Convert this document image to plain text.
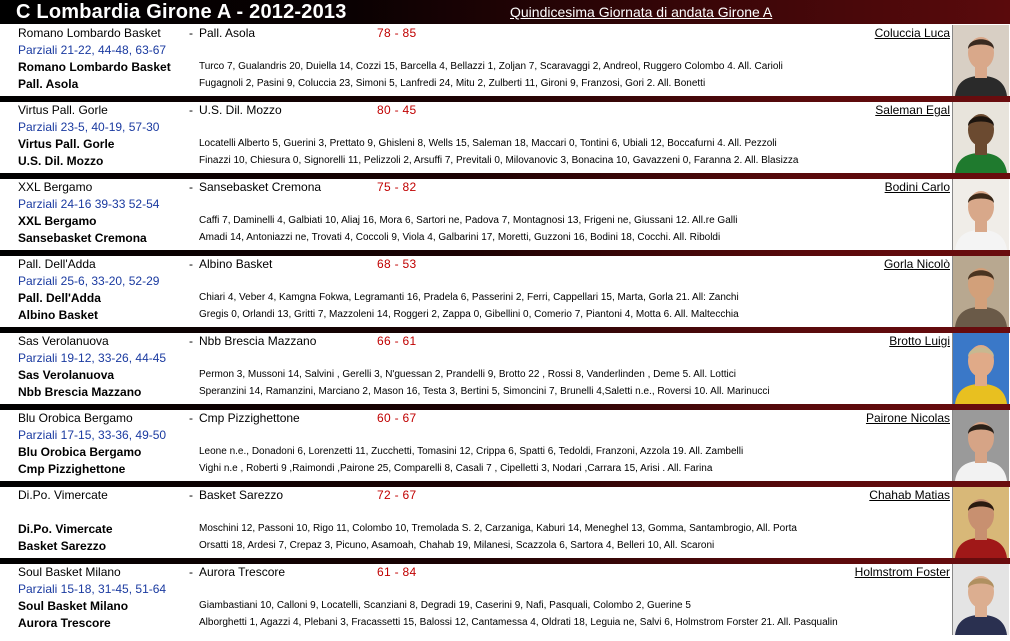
C Lombardia Girone A - 2012-2013	Quindicesima Giornata di andata Girone A
Romano Lombardo Basket - Pall. Asola	78 - 85	Coluccia Luca
Parziali 21-22, 44-48, 63-67
Romano Lombardo Basket	Turco 7, Gualandris 20, Duiella 14, Cozzi 15, Barcella 4, Bellazzi 1, Zoljan 7, Scaravaggi 2, Andreol, Ruggero Colombo 4. All. Carioli
Pall. Asola	Fugagnoli 2, Pasini 9, Coluccia 23, Simoni 5, Lanfredi 24, Mitu 2, Zulberti 11, Gironi 9, Franzosi, Gori 2. All. Bonetti
Virtus Pall. Gorle	- U.S. Dil. Mozzo	80 - 45	Saleman Egal
Parziali 23-5, 40-19, 57-30
Virtus Pall. Gorle	Locatelli Alberto 5, Guerini 3, Prettato 9, Ghisleni 8, Wells 15, Saleman 18, Maccari 0, Tontini 6, Ubiali 12, Boccafurni 4. All. Pezzoli
U.S. Dil. Mozzo	Finazzi 10, Chiesura 0, Signorelli 11, Pelizzoli 2, Arsuffi 7, Previtali 0, Milovanovic 3, Bonacina 10, Gavazzeni 0, Faranna 2. All. Blasizza
XXL Bergamo	- Sansebasket Cremona	75 - 82	Bodini Carlo
Parziali 24-16 39-33 52-54
XXL Bergamo	Caffi 7, Daminelli 4, Galbiati 10, Aliaj 16, Mora 6, Sartori ne, Padova 7, Montagnosi 13, Frigeni ne, Giussani 12. All.re Galli
Sansebasket Cremona	Amadi 14, Antoniazzi ne, Trovati 4, Coccoli 9, Viola 4, Galbarini 17, Moretti, Guzzoni 16, Bodini 18, Cocchi. All. Riboldi
Pall. Dell'Adda	- Albino Basket	68 - 53	Gorla Nicolò
Parziali 25-6, 33-20, 52-29
Pall. Dell'Adda	Chiari 4, Veber 4, Kamgna Fokwa, Legramanti 16, Pradela 6, Passerini 2, Ferri, Cappellari 15, Marta, Gorla 21. All: Zanchi
Albino Basket	Gregis 0, Orlandi 13, Gritti 7, Mazzoleni 14, Roggeri 2, Zappa 0, Gibellini 0, Comerio 7, Piantoni 4, Motta 6. All. Maltecchia
Sas Verolanuova	- Nbb Brescia Mazzano	66 - 61	Brotto Luigi
Parziali 19-12, 33-26, 44-45
Sas Verolanuova	Permon 3, Mussoni 14, Salvini , Gerelli 3, N'guessan 2, Prandelli 9, Brotto 22 , Rossi 8, Vanderlinden , Deme 5. All. Lottici
Nbb Brescia Mazzano	Speranzini 14, Ramanzini, Marciano 2, Mason 16, Testa 3, Bertini 5, Simoncini 7, Brunelli 4,Saletti n.e., Roversi 10. All. Marinucci
Blu Orobica Bergamo	- Cmp Pizzighettone	60 - 67	Pairone Nicolas
Parziali 17-15, 33-36, 49-50
Blu Orobica Bergamo	Leone n.e., Donadoni 6, Lorenzetti 11, Zucchetti, Tomasini 12, Crippa 6, Spatti 6, Tedoldi, Franzoni, Azzola 19. All. Zambelli
Cmp Pizzighettone	Vighi n.e , Roberti 9 ,Raimondi ,Pairone 25, Comparelli 8, Casali 7 , Cipelletti 3, Nodari ,Carrara 15, Arisi . All. Farina
Di.Po. Vimercate	- Basket Sarezzo	72 - 67	Chahab Matias
Di.Po. Vimercate	Moschini 12, Passoni 10, Rigo 11, Colombo 10, Tremolada S. 2, Carzaniga, Kaburi 14, Meneghel 13, Gomma, Santambrogio, All. Porta
Basket Sarezzo	Orsatti 18, Ardesi 7, Crepaz 3, Picuno, Asamoah, Chahab 19, Milanesi, Scazzola 6, Sartora 4, Belleri 10, All. Scaroni
Soul Basket Milano	- Aurora Trescore	61 - 84	Holmstrom Foster
Parziali 15-18, 31-45, 51-64
Soul Basket Milano	Giambastiani 10, Calloni 9, Locatelli, Scanziani 8, Degradi 19, Caserini 9, Nafi, Pasquali, Colombo 2, Guerine 5
Aurora Trescore	Alborghetti 1, Agazzi 4, Plebani 3, Fracassetti 15, Balossi 12, Cantamessa 4, Oldrati 18, Leguia ne, Salvi 6, Holmstrom Forster 21. All. Pasqualin
